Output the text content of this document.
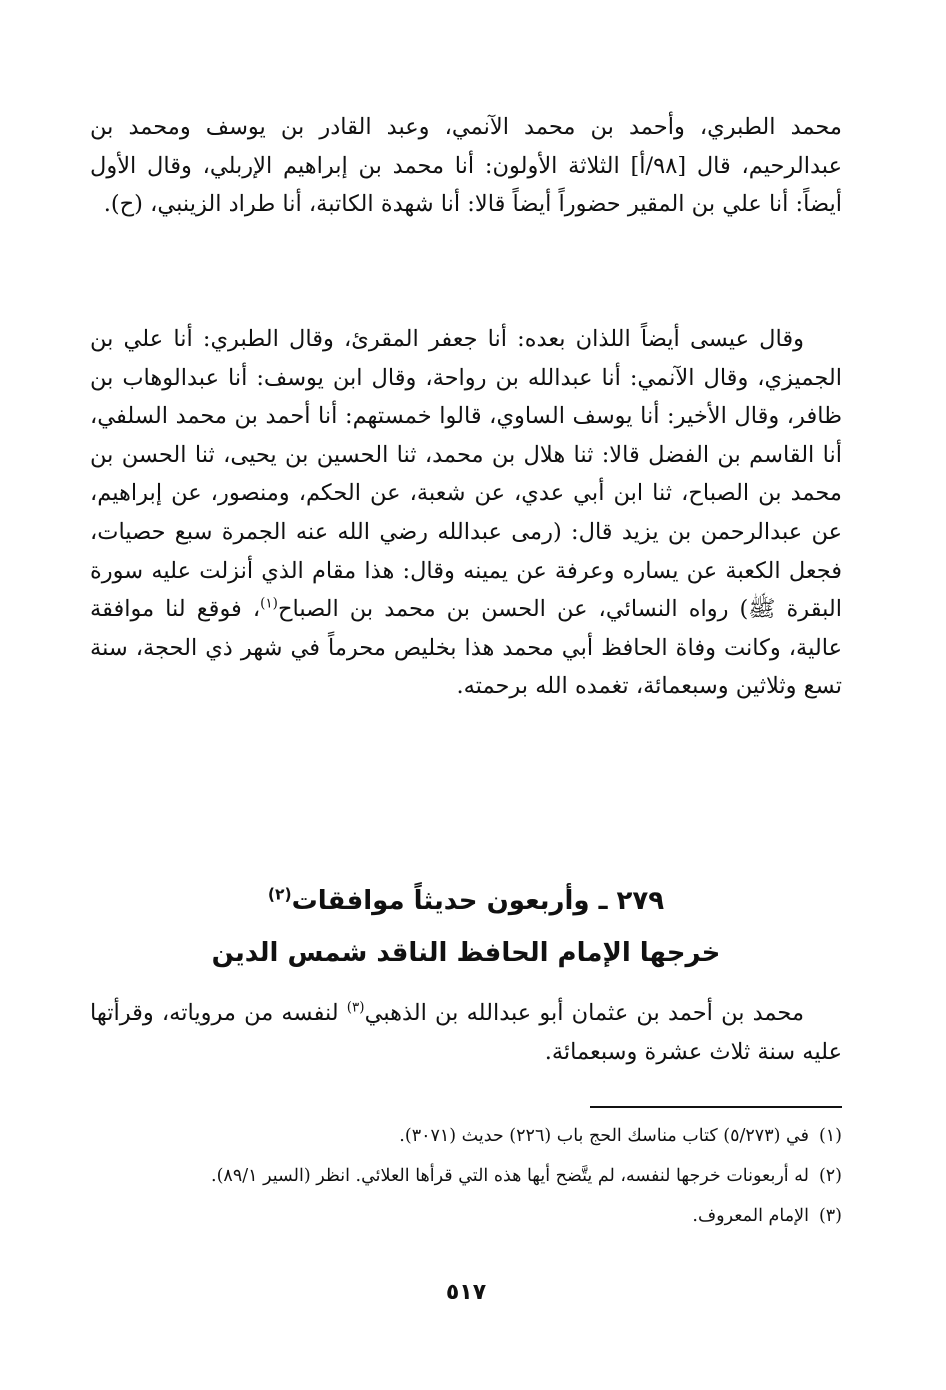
محمد الطبري، وأحمد بن محمد الآنمي، وعبد القادر بن يوسف ومحمد بن عبدالرحيم، قال [٩٨/أ] الثلاثة الأولون: أنا محمد بن إبراهيم الإربلي، وقال الأول أيضاً: أنا علي بن المقير حضوراً أيضاً قالا: أنا شهدة الكاتبة، أنا طراد الزينبي، (ح).

وقال عيسى أيضاً اللذان بعده: أنا جعفر المقرئ، وقال الطبري: أنا علي بن الجميزي، وقال الآنمي: أنا عبدالله بن رواحة، وقال ابن يوسف: أنا عبدالوهاب بن ظافر، وقال الأخير: أنا يوسف الساوي، قالوا خمستهم: أنا أحمد بن محمد السلفي، أنا القاسم بن الفضل قالا: ثنا هلال بن محمد، ثنا الحسين بن يحيى، ثنا الحسن بن محمد بن الصباح، ثنا ابن أبي عدي، عن شعبة، عن الحكم، ومنصور، عن إبراهيم، عن عبدالرحمن بن يزيد قال: (رمى عبدالله رضي الله عنه الجمرة سبع حصيات، فجعل الكعبة عن يساره وعرفة عن يمينه وقال: هذا مقام الذي أنزلت عليه سورة البقرة ﷺ) رواه النسائي، عن الحسن بن محمد بن الصباح$^{(١)}$، فوقع لنا موافقة عالية، وكانت وفاة الحافظ أبي محمد هذا بخليص محرماً في شهر ذي الحجة، سنة تسع وثلاثين وسبعمائة، تغمده الله برحمته.

٢٧٩ ـ وأربعون حديثاً موافقات$^{(٢)}$
خرجها الإمام الحافظ الناقد شمس الدين

محمد بن أحمد بن عثمان أبو عبدالله بن الذهبي$^{(٣)}$ لنفسه من مروياته، وقرأتها عليه سنة ثلاث عشرة وسبعمائة.

(١)
في (٥/٢٧٣) كتاب مناسك الحج باب (٢٢٦) حديث (٣٠٧١).
(٢)
له أربعونات خرجها لنفسه، لم يتَّضح أيها هذه التي قرأها العلائي. انظر (السير ٨٩/١).
(٣)
الإمام المعروف.
٥١٧
